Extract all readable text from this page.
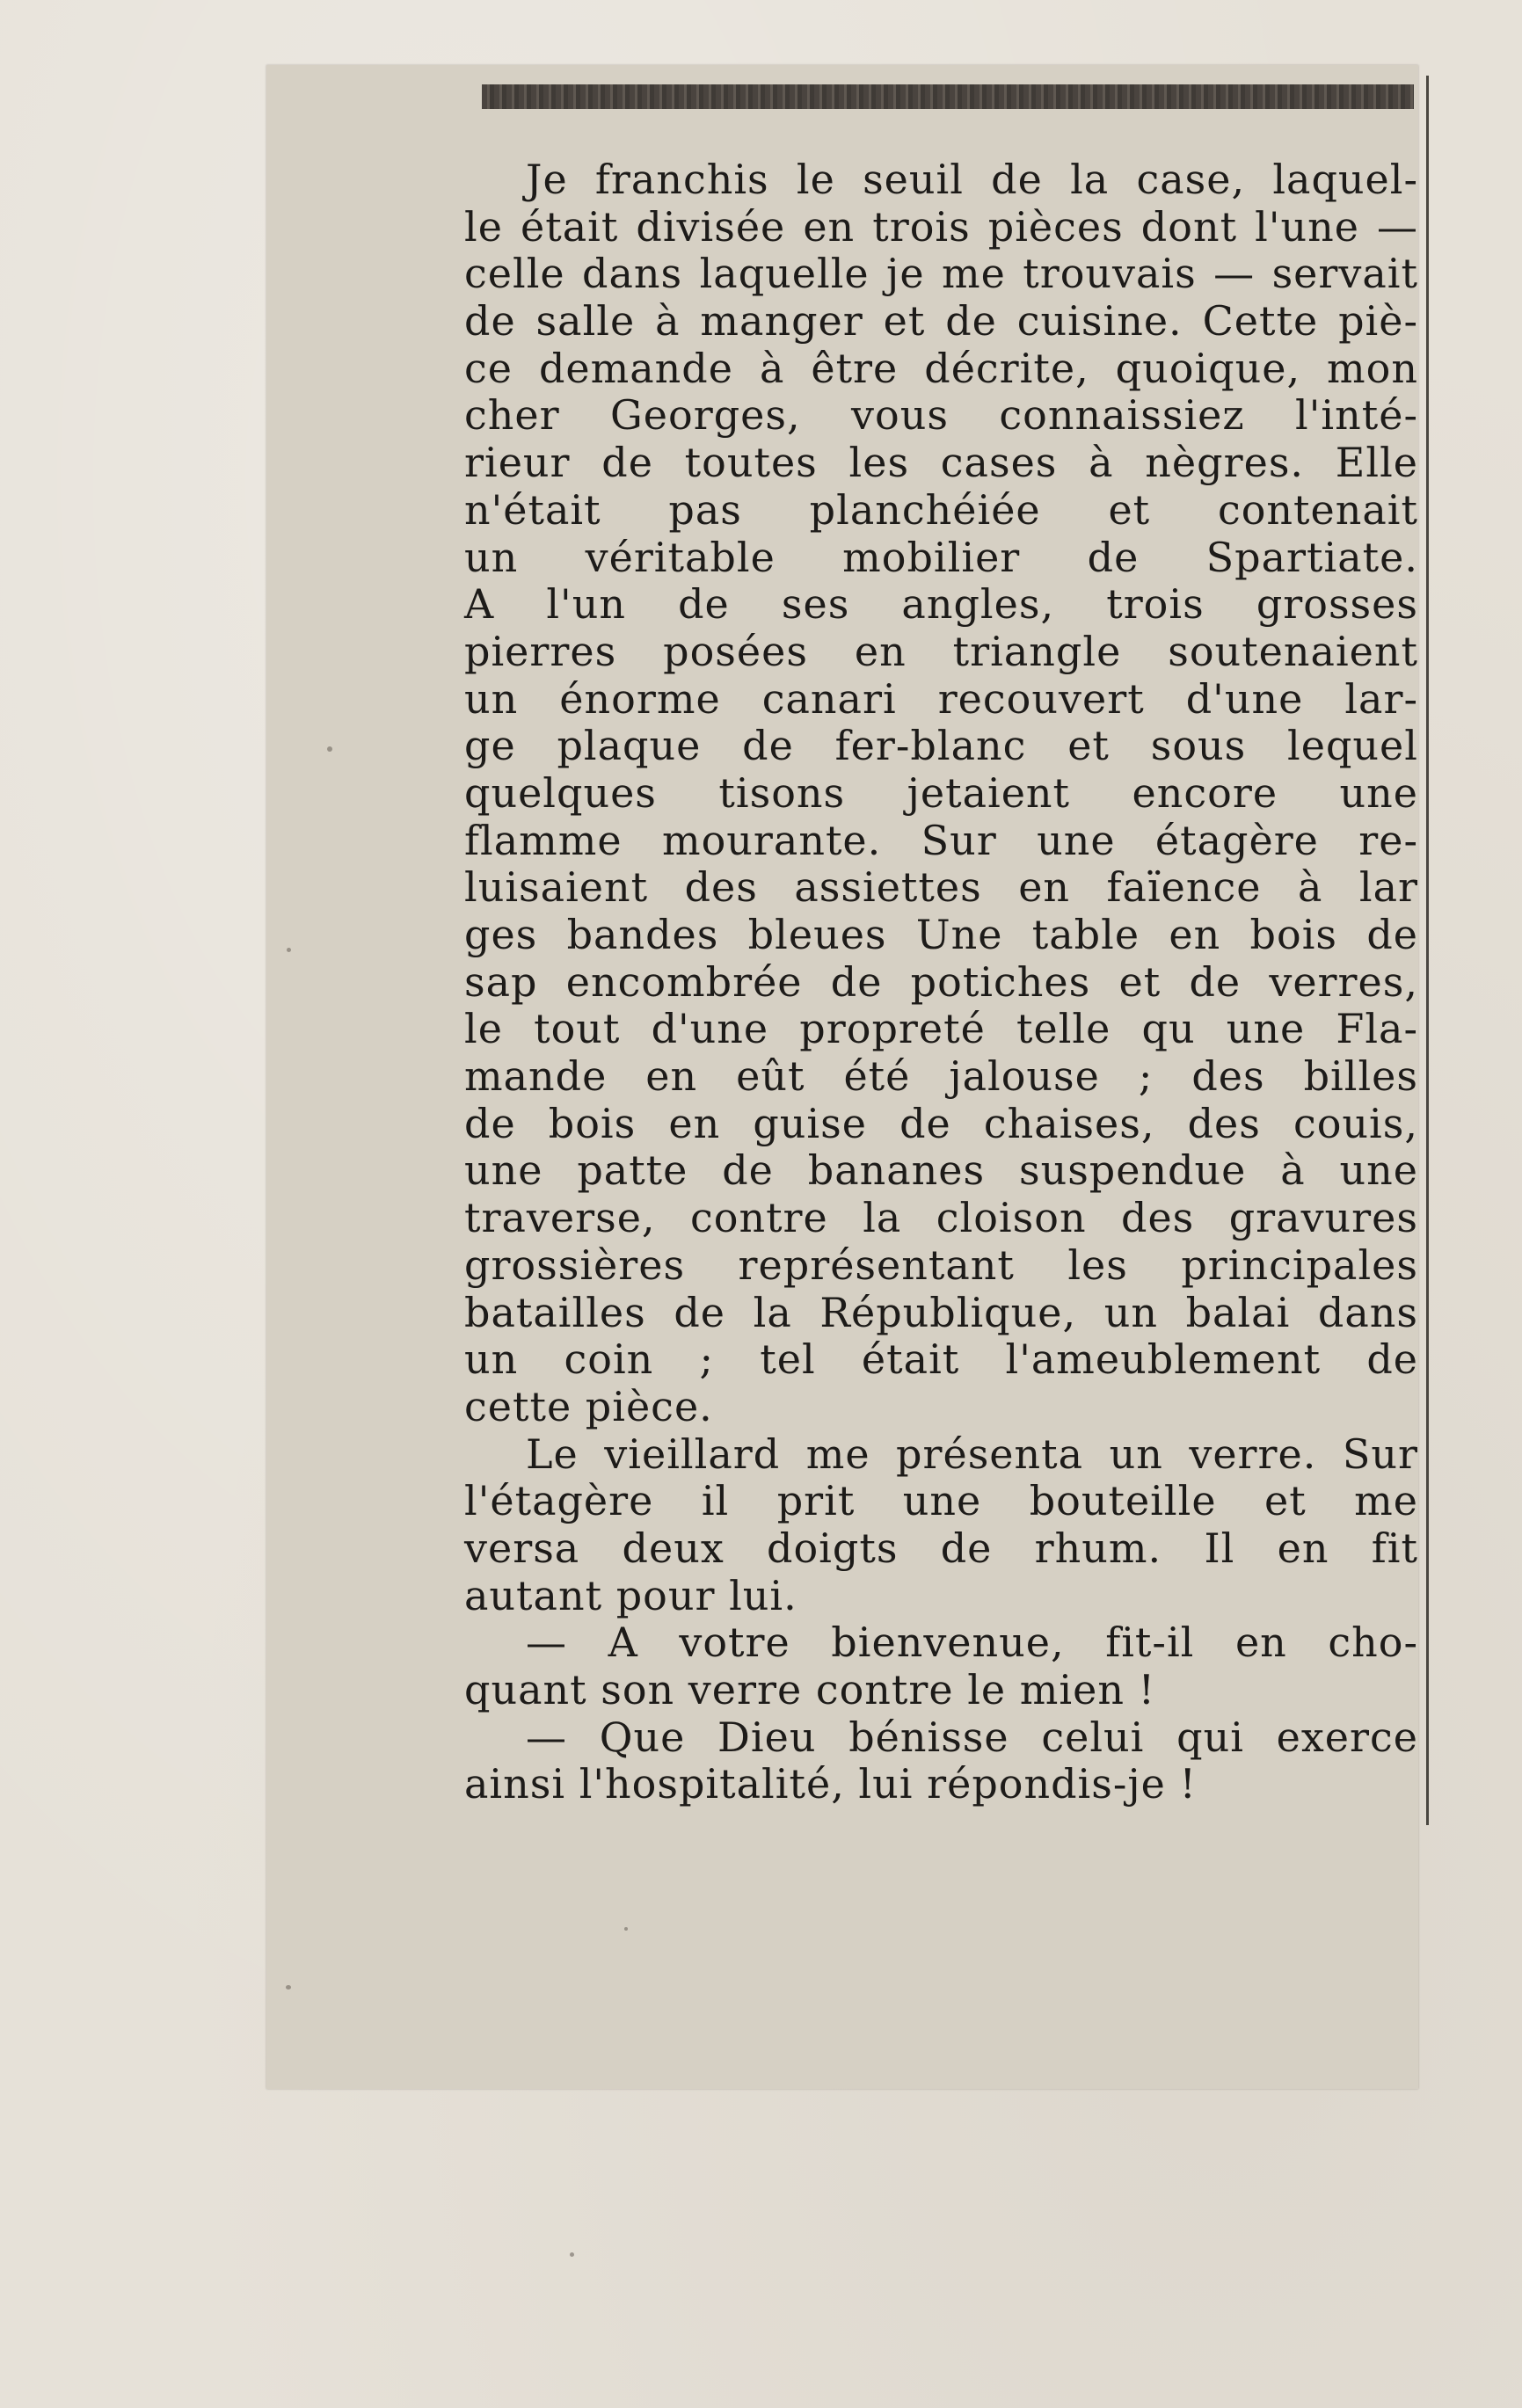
Je franchis le seuil de la case, laquel-
le était divisée en trois pièces dont l'une —
celle dans laquelle je me trouvais — servait
de salle à manger et de cuisine. Cette piè-
ce demande à être décrite, quoique, mon
cher Georges, vous connaissiez l'inté-
rieur de toutes les cases à nègres. Elle
n'était pas planchéiée et contenait
un véritable mobilier de Spartiate.
A l'un de ses angles, trois grosses
pierres posées en triangle soutenaient
un énorme canari recouvert d'une lar-
ge plaque de fer-blanc et sous lequel
quelques tisons jetaient encore une
flamme mourante. Sur une étagère re-
luisaient des assiettes en faïence à lar
ges bandes bleues Une table en bois de
sap encombrée de potiches et de verres,
le tout d'une propreté telle qu une Fla-
mande en eût été jalouse ; des billes
de bois en guise de chaises, des couis,
une patte de bananes suspendue à une
traverse, contre la cloison des gravures
grossières représentant les principales
batailles de la République, un balai dans
un coin ; tel était l'ameublement de
cette pièce.
Le vieillard me présenta un verre. Sur
l'étagère il prit une bouteille et me
versa deux doigts de rhum. Il en fit
autant pour lui.
— A votre bienvenue, fit-il en cho-
quant son verre contre le mien !
— Que Dieu bénisse celui qui exerce
ainsi l'hospitalité, lui répondis-je !
